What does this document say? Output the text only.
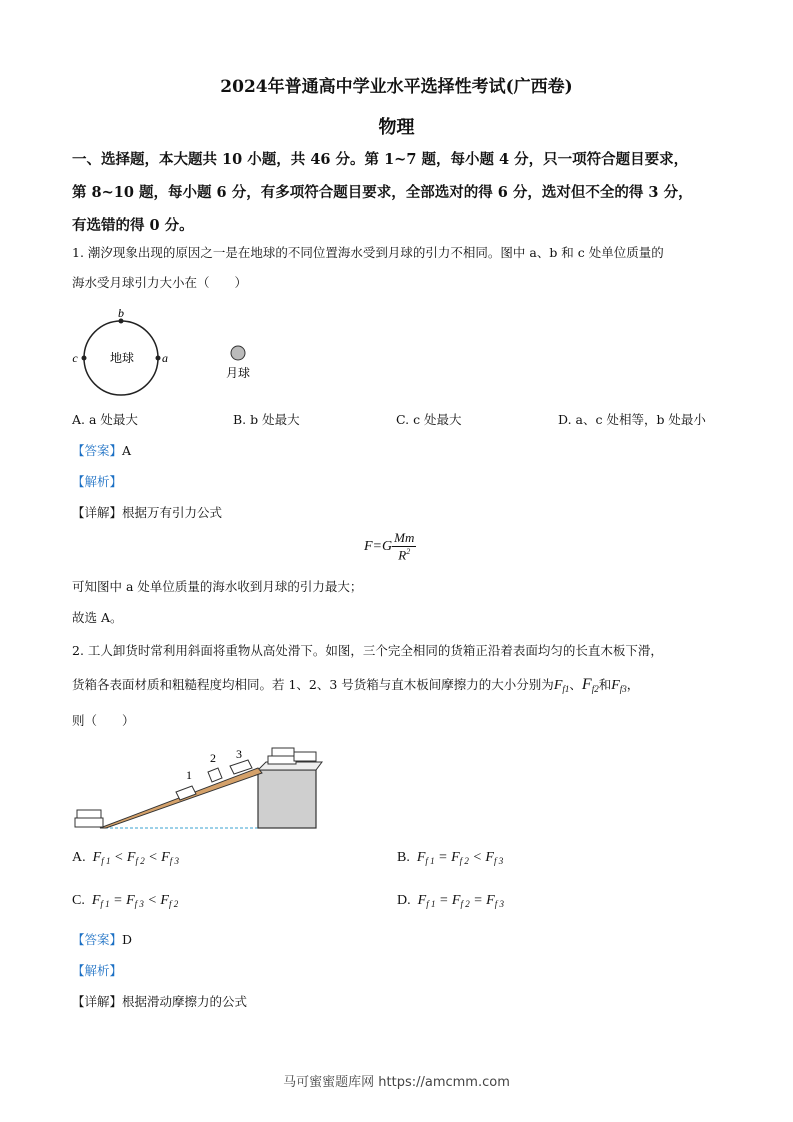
2024年普通高中学业水平选择性考试(广西卷)
物理
一、选择题，本大题共 10 小题，共 46 分。第 1~7 题，每小题 4 分，只一项符合题目要求，
第 8~10 题，每小题 6 分，有多项符合题目要求，全部选对的得 6 分，选对但不全的得 3 分，
有选错的得 0 分。
1. 潮汐现象出现的原因之一是在地球的不同位置海水受到月球的引力不相同。图中 a、b 和 c 处单位质量的
海水受月球引力大小在（　　）
b
c	a
地球
月球
A. a 处最大	B. b 处最大	C. c 处最大	D. a、c 处相等，b 处最小
【答案】A
【解析】
【详解】根据万有引力公式
$F=G \frac{Mm}{R^2}$
可知图中 a 处单位质量的海水收到月球的引力最大；
故选 A。
2. 工人卸货时常利用斜面将重物从高处滑下。如图，三个完全相同的货箱正沿着表面均匀的长直木板下滑，
货箱各表面材质和粗糙程度均相同。若 1、2、3 号货箱与直木板间摩擦力的大小分别为$F_{f1}$、$F_{f2}$和$F_{f3}$，
则（　　）
1
2 3
A.  $F_{f 1} < F_{f 2} < F_{f 3}$	B.  $F_{f 1} = F_{f 2} < F_{f 3}$
C.  $F_{f 1} = F_{f 3} < F_{f 2}$	D.  $F_{f 1} = F_{f 2} = F_{f 3}$
【答案】D
【解析】
【详解】根据滑动摩擦力的公式
马可蜜蜜题库网 https://amcmm.com
